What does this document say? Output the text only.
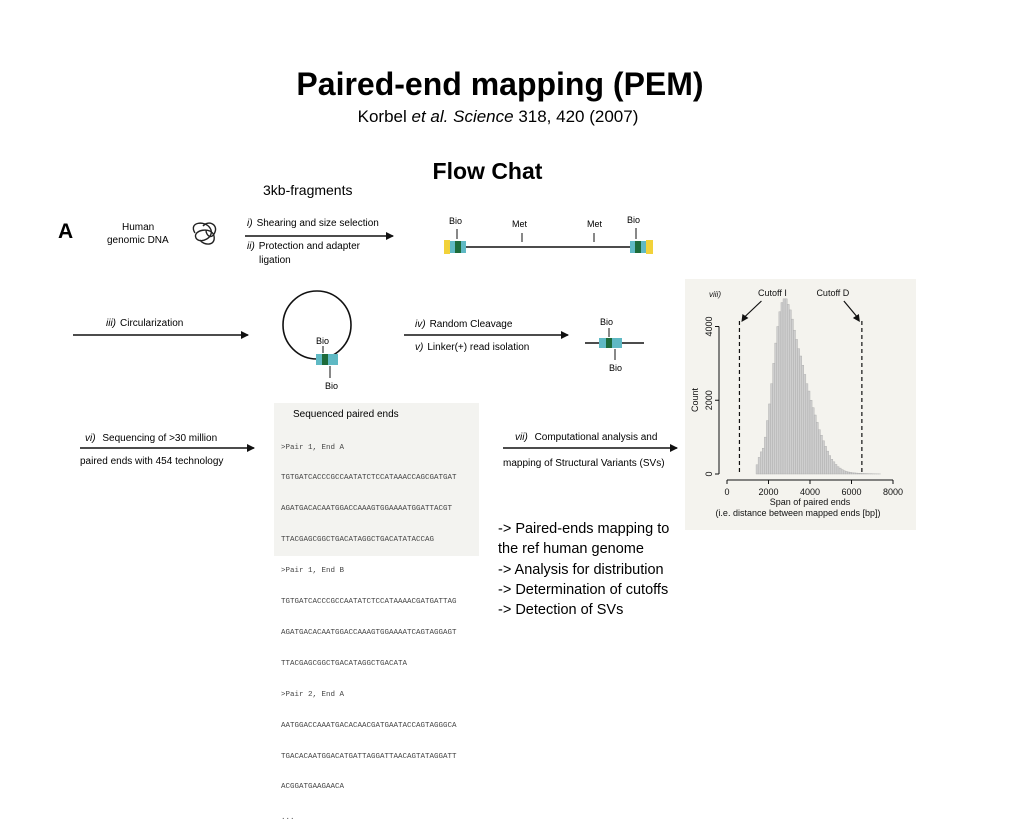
Paired-end mapping (PEM)
Korbel et al. Science 318, 420 (2007)
Flow Chat
3kb-fragments
A	Human
genomic DNA
i) Shearing and size selection
ii) Protection and adapter
ligation
Bio	Met	Met	Bio
iii) Circularization
Bio
Bio
iv) Random Cleavage
v) Linker(+) read isolation
Bio
Bio
vi) Sequencing of >30 million
paired ends with 454 technology
vii) Computational analysis and
mapping of Structural Variants (SVs)
Sequenced paired ends

>Pair 1, End A

TGTGATCACCCGCCAATATCTCCATAAACCAGCGATGAT

AGATGACACAATGGACCAAAGTGGAAAATGGATTACGT

TTACGAGCGGCTGACATAGGCTGACATATACCAG

>Pair 1, End B

TGTGATCACCCGCCAATATCTCCATAAAACGATGATTAG

AGATGACACAATGGACCAAAGTGGAAAATCAGTAGGAGT

TTACGAGCGGCTGACATAGGCTGACATA

>Pair 2, End A

AATGGACCAAATGACACAACGATGAATACCAGTAGGGCA

TGACACAATGGACATGATTAGGATTAACAGTATAGGATT

ACGGATGAAGAACA

...

-> Paired-ends mapping to
the ref human genome
-> Analysis for distribution
-> Determination of cutoffs
-> Detection of SVs
0	2000 4000 6000 8000
0
2000
4000
Span of paired ends
(i.e. distance between mapped ends [bp])
Count
viii)	Cutoff I	Cutoff D
